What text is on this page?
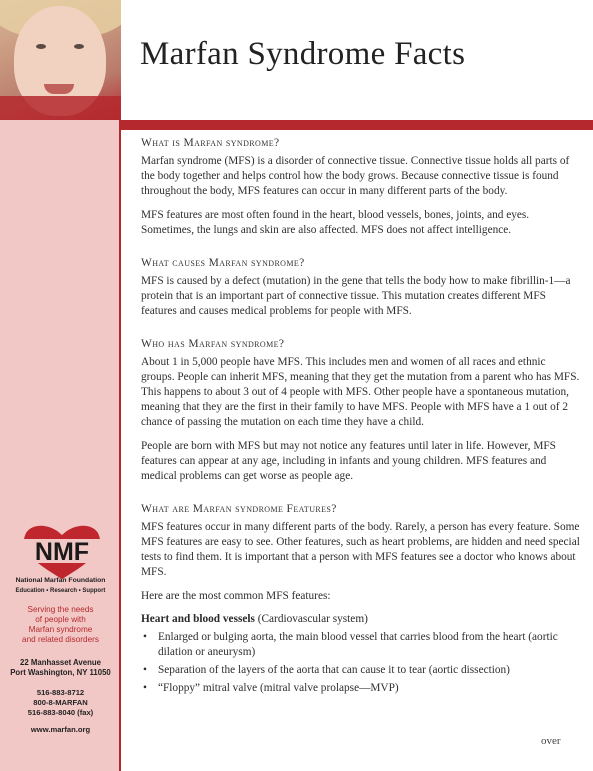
Marfan Syndrome Facts
What is Marfan syndrome?

Marfan syndrome (MFS) is a disorder of connective tissue. Connective tissue holds all parts of the body together and helps control how the body grows. Because connective tissue is found throughout the body, MFS features can occur in many different parts of the body.

MFS features are most often found in the heart, blood vessels, bones, joints, and eyes. Sometimes, the lungs and skin are also affected. MFS does not affect intelligence.

What causes Marfan syndrome?

MFS is caused by a defect (mutation) in the gene that tells the body how to make fibrillin-1—a protein that is an important part of connective tissue. This mutation creates different MFS features and causes medical problems for people with MFS.

Who has Marfan syndrome?

About 1 in 5,000 people have MFS. This includes men and women of all races and ethnic groups. People can inherit MFS, meaning that they get the mutation from a parent who has MFS. This happens to about 3 out of 4 people with MFS. Other people have a spontaneous mutation, meaning that they are the first in their family to have MFS. People with MFS have a 1 out of 2 chance of passing the mutation on each time they have a child.

People are born with MFS but may not notice any features until later in life. However, MFS features can appear at any age, including in infants and young children. MFS features and medical problems can get worse as people age.

What are Marfan syndrome Features?

MFS features occur in many different parts of the body. Rarely, a person has every feature. Some MFS features are easy to see. Other features, such as heart problems, are hidden and need special tests to find them. It is important that a person with MFS features see a doctor who knows about MFS.

Here are the most common MFS features:

Heart and blood vessels (Cardiovascular system)
• Enlarged or bulging aorta, the main blood vessel that carries blood from the heart (aortic dilation or aneurysm)
• Separation of the layers of the aorta that can cause it to tear (aortic dissection)
• “Floppy” mitral valve (mitral valve prolapse—MVP)
over
NMF
National Marfan Foundation
Education • Research • Support
Serving the needs
of people with
Marfan syndrome
and related disorders
22 Manhasset Avenue
Port Washington, NY 11050
516-883-8712
800-8-MARFAN
516-883-8040 (fax)
www.marfan.org
